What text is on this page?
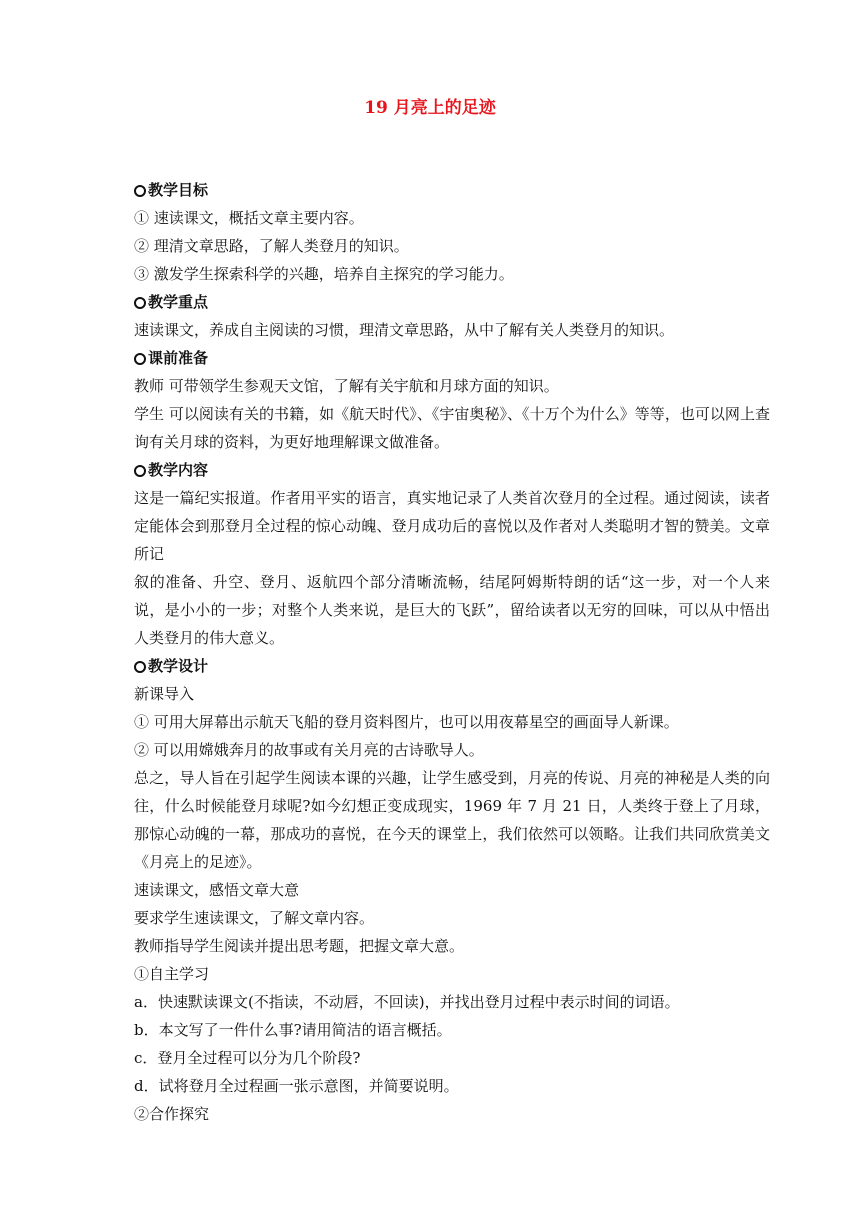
19 月亮上的足迹

教学目标

① 速读课文，概括文章主要内容。

② 理清文章思路，了解人类登月的知识。

③ 激发学生探索科学的兴趣，培养自主探究的学习能力。

教学重点

速读课文，养成自主阅读的习惯，理清文章思路，从中了解有关人类登月的知识。

课前准备

教师 可带领学生参观天文馆，了解有关宇航和月球方面的知识。

学生 可以阅读有关的书籍，如《航天时代》、《宇宙奥秘》、《十万个为什么》等等，也可以网上查询有关月球的资料，为更好地理解课文做准备。

教学内容

这是一篇纪实报道。作者用平实的语言，真实地记录了人类首次登月的全过程。通过阅读，读者定能体会到那登月全过程的惊心动魄、登月成功后的喜悦以及作者对人类聪明才智的赞美。文章所记

叙的准备、升空、登月、返航四个部分清晰流畅，结尾阿姆斯特朗的话“这一步，对一个人来说，是小小的一步；对整个人类来说，是巨大的飞跃”，留给读者以无穷的回味，可以从中悟出人类登月的伟大意义。

教学设计

新课导入

① 可用大屏幕出示航天飞船的登月资料图片，也可以用夜幕星空的画面导人新课。

② 可以用嫦娥奔月的故事或有关月亮的古诗歌导人。

总之，导人旨在引起学生阅读本课的兴趣，让学生感受到，月亮的传说、月亮的神秘是人类的向往，什么时候能登月球呢?如今幻想正变成现实，1969 年 7 月 21 日，人类终于登上了月球，那惊心动魄的一幕，那成功的喜悦，在今天的课堂上，我们依然可以领略。让我们共同欣赏美文《月亮上的足迹》。

速读课文，感悟文章大意

要求学生速读课文，了解文章内容。

教师指导学生阅读并提出思考题，把握文章大意。

①自主学习

a．快速默读课文(不指读，不动唇，不回读)，并找出登月过程中表示时间的词语。

b．本文写了一件什么事?请用简洁的语言概括。

c．登月全过程可以分为几个阶段?

d．试将登月全过程画一张示意图，并简要说明。

②合作探究
